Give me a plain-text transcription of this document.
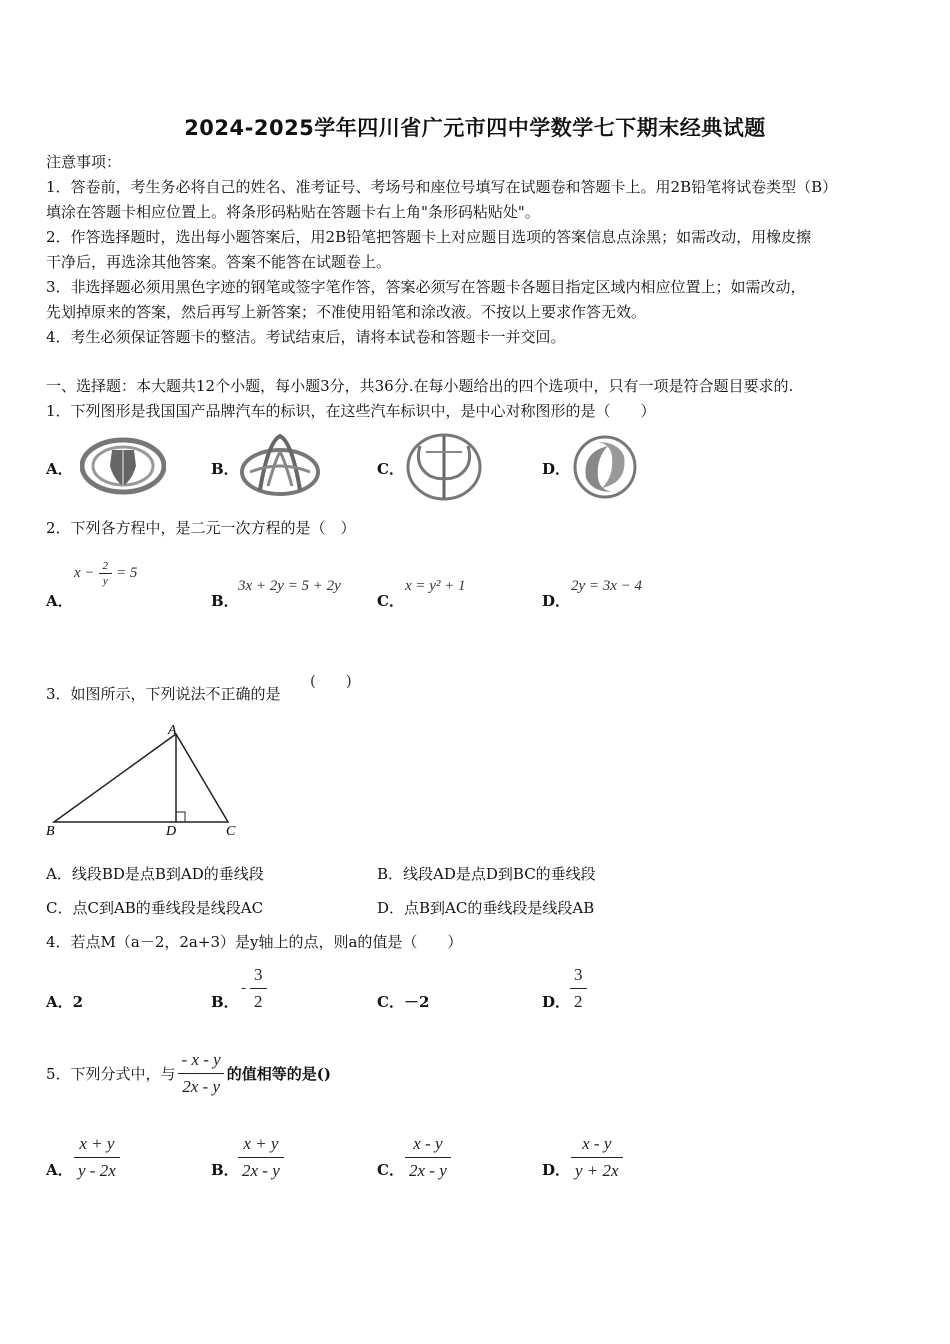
2024-2025学年四川省广元市四中学数学七下期末经典试题
注意事项：
1．答卷前，考生务必将自己的姓名、准考证号、考场号和座位号填写在试题卷和答题卡上。用2B铅笔将试卷类型（B）
填涂在答题卡相应位置上。将条形码粘贴在答题卡右上角"条形码粘贴处"。
2．作答选择题时，选出每小题答案后，用2B铅笔把答题卡上对应题目选项的答案信息点涂黑；如需改动，用橡皮擦
干净后，再选涂其他答案。答案不能答在试题卷上。
3．非选择题必须用黑色字迹的钢笔或签字笔作答，答案必须写在答题卡各题目指定区域内相应位置上；如需改动，
先划掉原来的答案，然后再写上新答案；不准使用铅笔和涂改液。不按以上要求作答无效。
4．考生必须保证答题卡的整洁。考试结束后，请将本试卷和答题卡一并交回。
一、选择题：本大题共12个小题，每小题3分，共36分.在每小题给出的四个选项中，只有一项是符合题目要求的.
1．下列图形是我国国产品牌汽车的标识，在这些汽车标识中，是中心对称图形的是（　　）
A．	B．	C．	D．
2．下列各方程中，是二元一次方程的是（　）
A．
$x - \frac{2}{y} = 5$
B．
3x + 2y = 5 + 2y
C．
x = y² + 1
D．
2y = 3x − 4
3．如图所示，下列说法不正确的是
(　　)
A
B	D	C
A．线段BD是点B到AD的垂线段	B．线段AD是点D到BC的垂线段
C．点C到AB的垂线段是线段AC	D．点B到AC的垂线段是线段AB
4．若点M（a－2，2a+3）是y轴上的点，则a的值是（　　）
A．2	B．
- $\frac{3}{2}$	C．－2	D． $\frac{3}{2}$
5．下列分式中，与 $\frac{- x - y}{2x - y}$ 的值相等的是()
A． $\frac{x + y}{y - 2x}$	B． $\frac{x + y}{2x - y}$	C． $\frac{x - y}{2x - y}$	D． $\frac{x - y}{y + 2x}$
